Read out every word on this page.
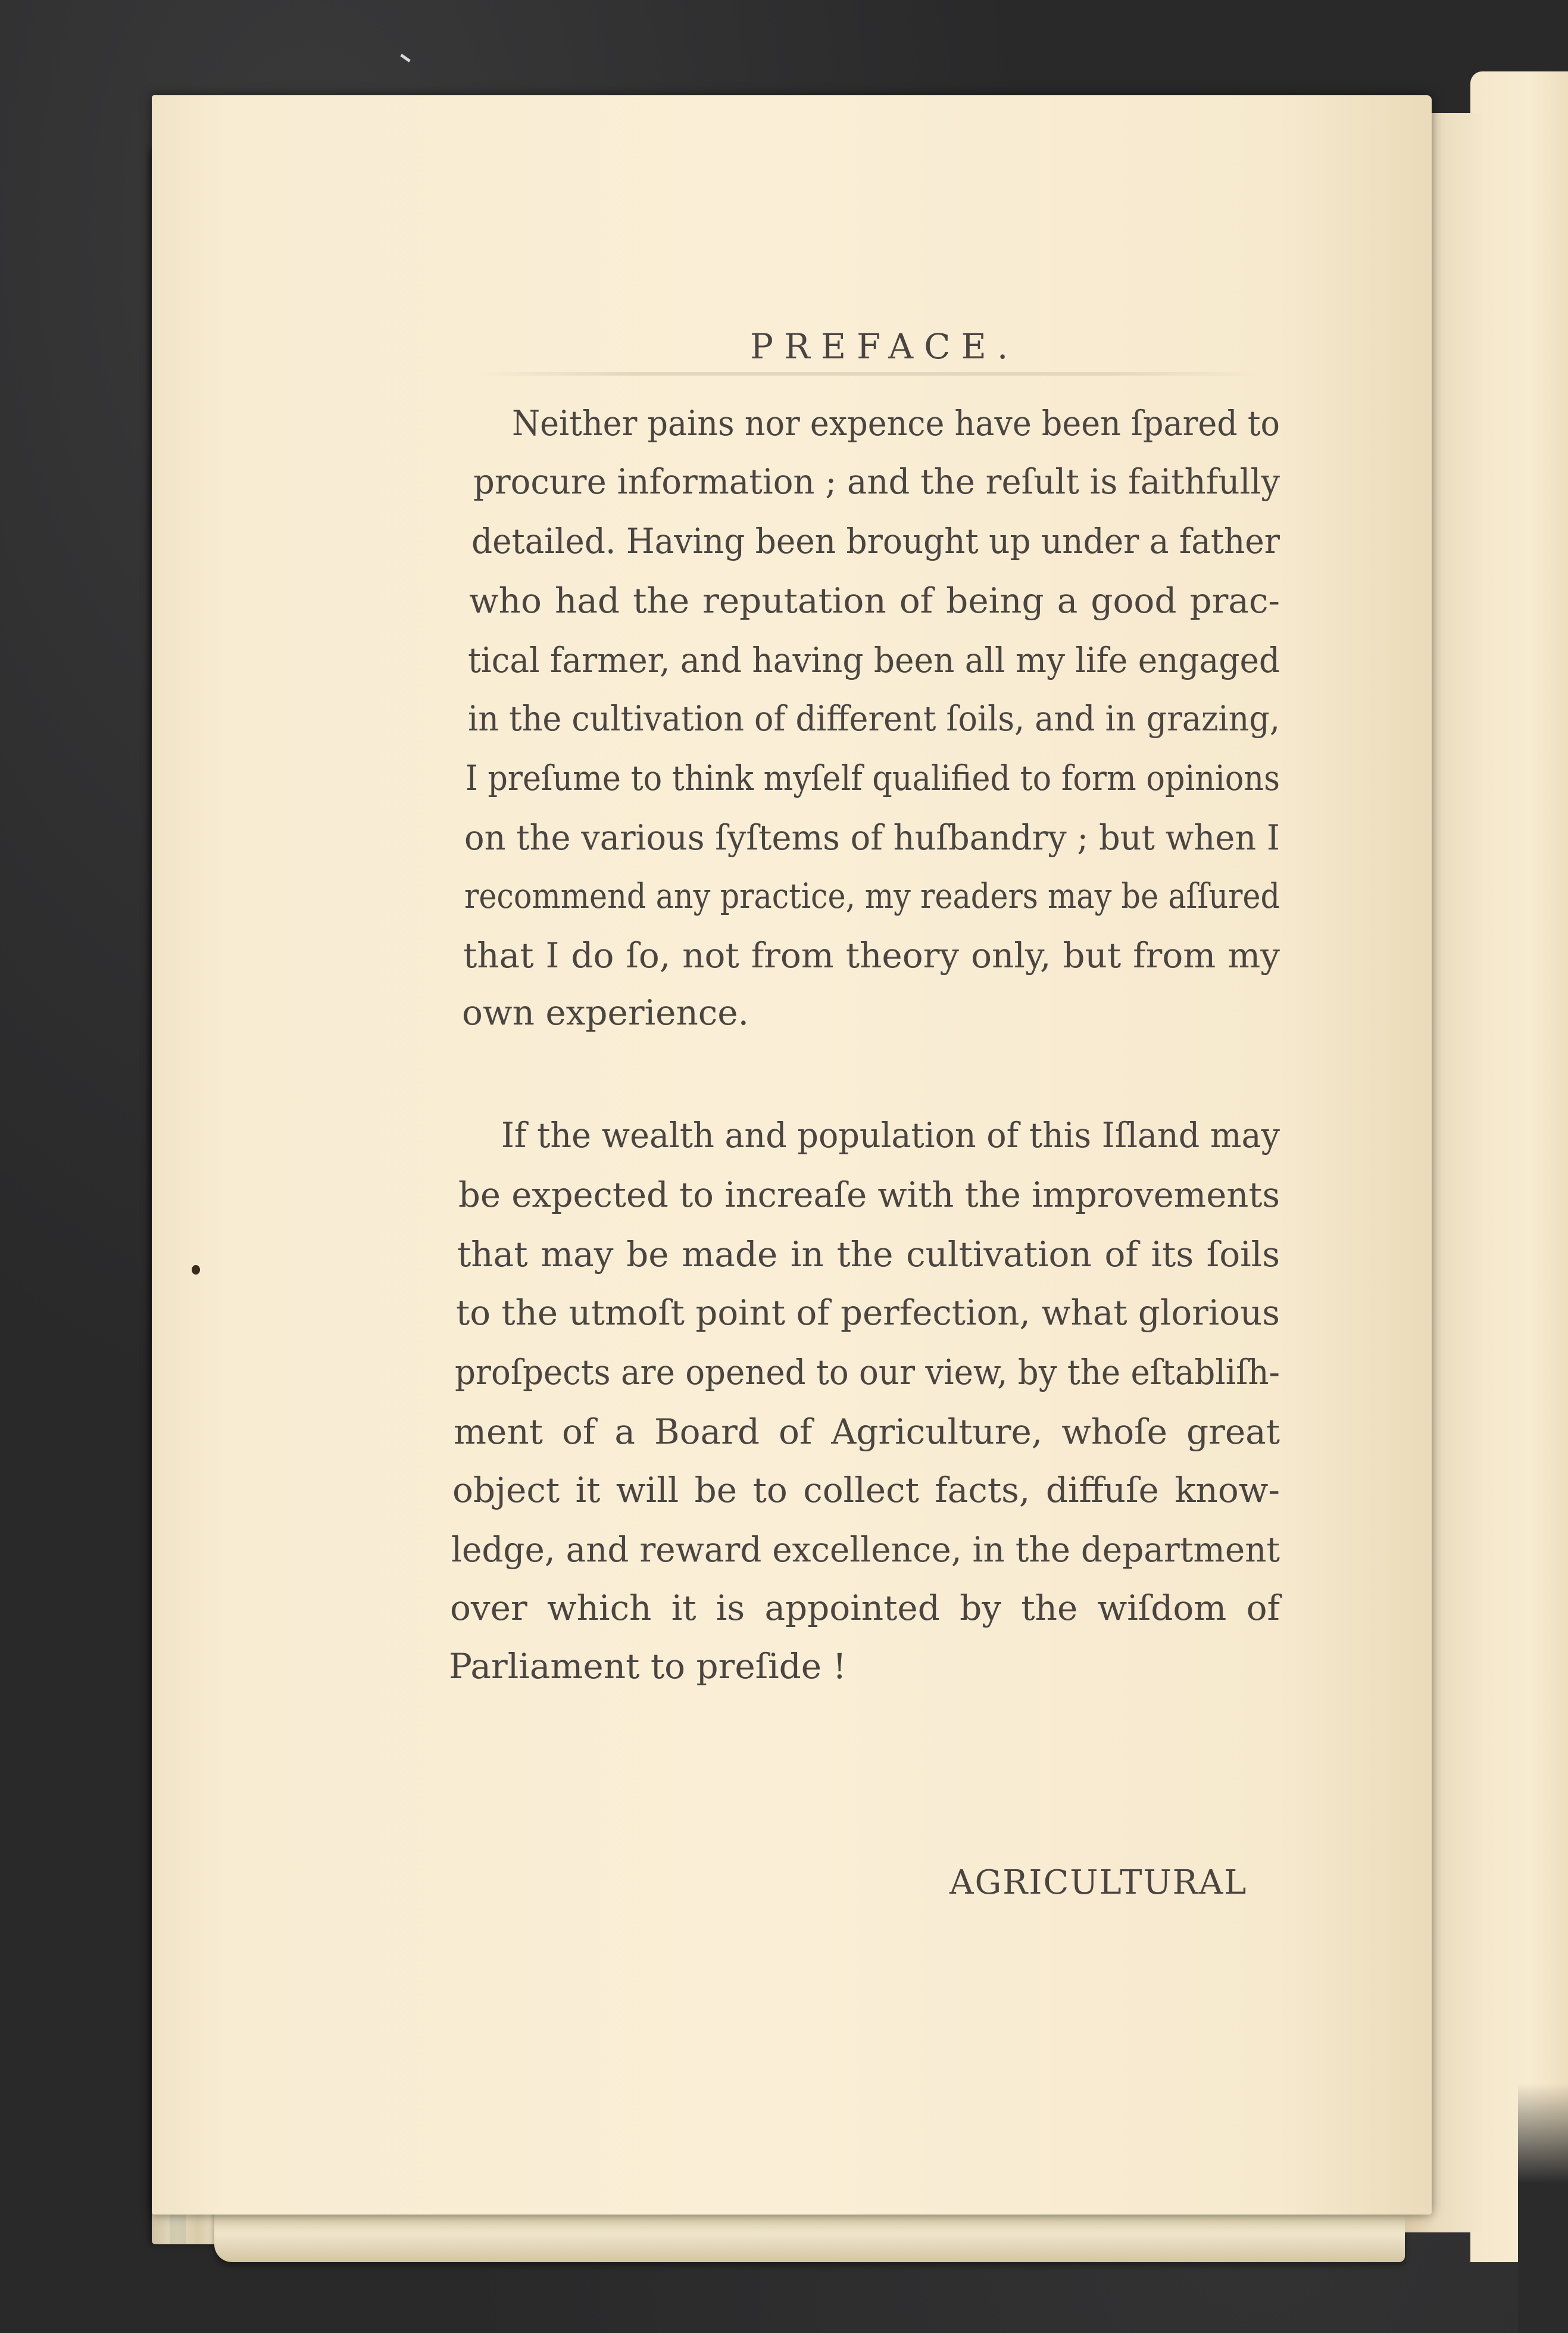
PREFACE.
Neither pains nor expence have been ſpared to
procure information ; and the reſult is faithfully
detailed. Having been brought up under a father
who had the reputation of being a good prac-
tical farmer, and having been all my life engaged
in the cultivation of different ſoils, and in grazing,
I preſume to think myſelf qualified to form opinions
on the various ſyſtems of huſbandry ; but when I
recommend any practice, my readers may be aſſured
that I do ſo, not from theory only, but from my
own experience.
If the wealth and population of this Iſland may
be expected to increaſe with the improvements
that may be made in the cultivation of its ſoils
to the utmoſt point of perfection, what glorious
proſpects are opened to our view, by the eſtabliſh-
ment of a Board of Agriculture, whoſe great
object it will be to collect facts, diffuſe know-
ledge, and reward excellence, in the department
over which it is appointed by the wiſdom of
Parliament to preſide !
AGRICULTURAL
